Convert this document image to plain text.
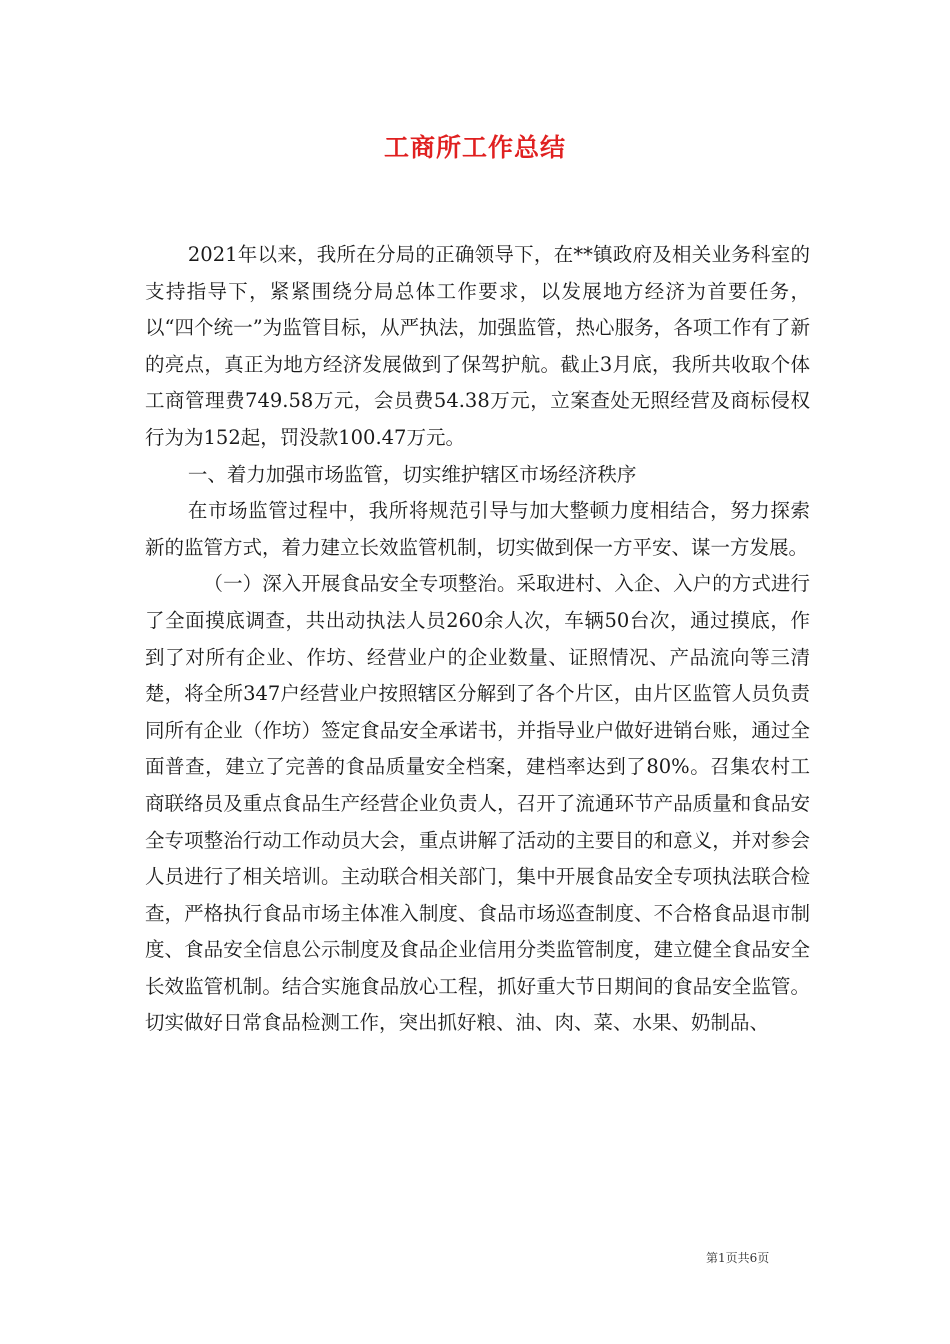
工商所工作总结

2021年以来，我所在分局的正确领导下，在**镇政府及相关业务科室的支持指导下，紧紧围绕分局总体工作要求，以发展地方经济为首要任务，以“四个统一”为监管目标，从严执法，加强监管，热心服务，各项工作有了新的亮点，真正为地方经济发展做到了保驾护航。截止3月底，我所共收取个体工商管理费749.58万元，会员费54.38万元，立案查处无照经营及商标侵权行为为152起，罚没款100.47万元。

一、着力加强市场监管，切实维护辖区市场经济秩序

在市场监管过程中，我所将规范引导与加大整顿力度相结合，努力探索新的监管方式，着力建立长效监管机制，切实做到保一方平安、谋一方发展。

（一）深入开展食品安全专项整治。采取进村、入企、入户的方式进行了全面摸底调查，共出动执法人员260余人次，车辆50台次，通过摸底，作到了对所有企业、作坊、经营业户的企业数量、证照情况、产品流向等三清楚，将全所347户经营业户按照辖区分解到了各个片区，由片区监管人员负责同所有企业（作坊）签定食品安全承诺书，并指导业户做好进销台账，通过全面普查，建立了完善的食品质量安全档案，建档率达到了80%。召集农村工商联络员及重点食品生产经营企业负责人，召开了流通环节产品质量和食品安全专项整治行动工作动员大会，重点讲解了活动的主要目的和意义，并对参会人员进行了相关培训。主动联合相关部门，集中开展食品安全专项执法联合检查，严格执行食品市场主体准入制度、食品市场巡查制度、不合格食品退市制度、食品安全信息公示制度及食品企业信用分类监管制度，建立健全食品安全长效监管机制。结合实施食品放心工程，抓好重大节日期间的食品安全监管。切实做好日常食品检测工作，突出抓好粮、油、肉、菜、水果、奶制品、

第1页共6页
